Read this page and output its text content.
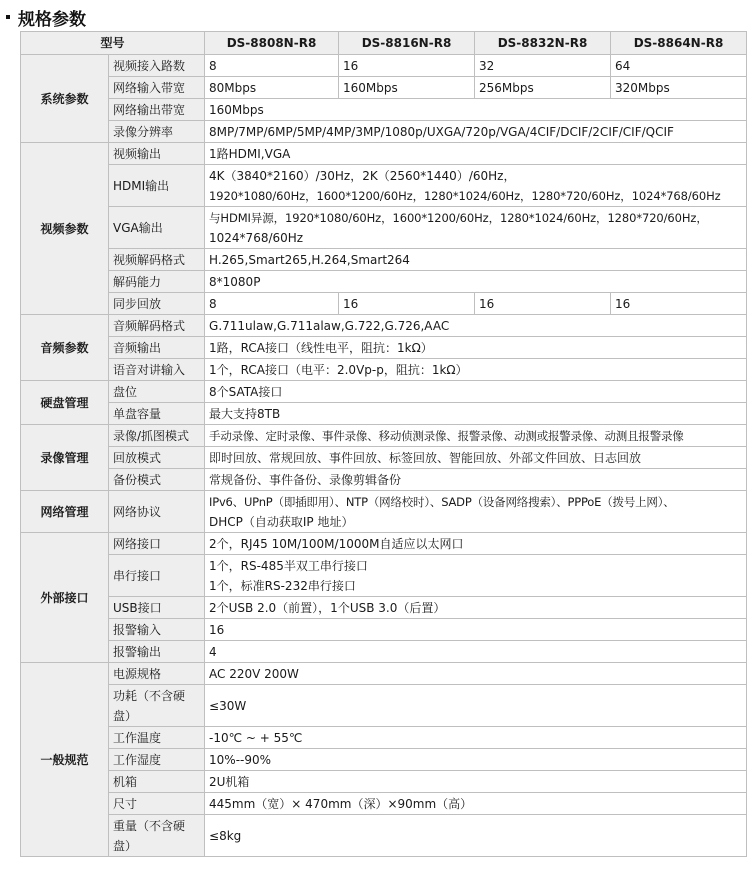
规格参数
型号		DS-8808N-R8	DS-8816N-R8	DS-8832N-R8	DS-8864N-R8
系统参数	视频接入路数	8	16	32	64
	网络输入带宽	80Mbps	160Mbps	256Mbps	320Mbps
	网络输出带宽	160Mbps			
	录像分辨率	8MP/7MP/6MP/5MP/4MP/3MP/1080p/UXGA/720p/VGA/4CIF/DCIF/2CIF/CIF/QCIF			
视频参数	视频输出	1路HDMI,VGA			
	HDMI输出	4K（3840*2160）/30Hz，2K（2560*1440）/60Hz，
1920*1080/60Hz，1600*1200/60Hz，1280*1024/60Hz，1280*720/60Hz，1024*768/60Hz			

	VGA输出	与HDMI异源，1920*1080/60Hz，1600*1200/60Hz，1280*1024/60Hz，1280*720/60Hz，
1024*768/60Hz			

	视频解码格式	H.265,Smart265,H.264,Smart264			
	解码能力	8*1080P			
	同步回放	8	16	16	16
音频参数	音频解码格式	G.711ulaw,G.711alaw,G.722,G.726,AAC			
	音频输出	1路，RCA接口（线性电平，阻抗：1kΩ）			
	语音对讲输入	1个，RCA接口（电平：2.0Vp-p，阻抗：1kΩ）			
硬盘管理	盘位	8个SATA接口			
	单盘容量	最大支持8TB			
录像管理	录像/抓图模式	手动录像、定时录像、事件录像、移动侦测录像、报警录像、动测或报警录像、动测且报警录像			
	回放模式	即时回放、常规回放、事件回放、标签回放、智能回放、外部文件回放、日志回放			
	备份模式	常规备份、事件备份、录像剪辑备份			
网络管理	网络协议	IPv6、UPnP（即插即用）、NTP（网络校时）、SADP（设备网络搜索）、PPPoE（拨号上网）、
DHCP（自动获取IP 地址）			

外部接口	网络接口	2个，RJ45 10M/100M/1000M自适应以太网口			
	串行接口	1个，RS-485半双工串行接口
1个，标准RS-232串行接口			

	USB接口	2个USB 2.0（前置），1个USB 3.0（后置）			
	报警输入	16			
	报警输出	4			
一般规范	电源规格	AC 220V 200W			

	功耗（不含硬
盘）	≤30W			
	工作温度	-10℃ ~ + 55℃			
	工作湿度	10%--90%			
	机箱	2U机箱			
	尺寸	445mm（宽）× 470mm（深）×90mm（高）			

	重量（不含硬
盘）	≤8kg			
